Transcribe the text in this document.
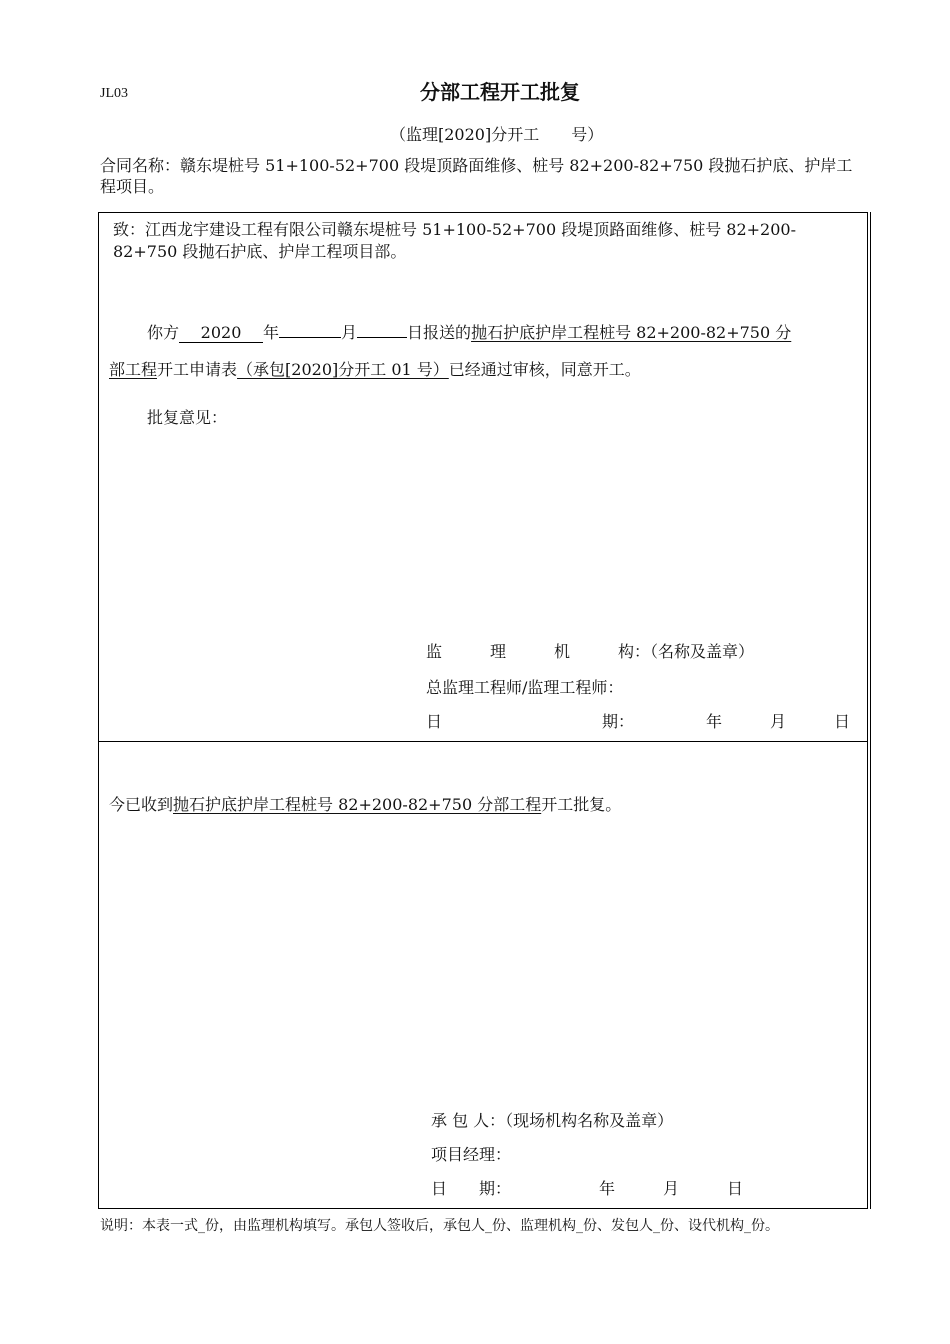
JL03	分部工程开工批复
（监理[2020]分开工　　号）
合同名称：赣东堤桩号 51+100-52+700 段堤顶路面维修、桩号 82+200-82+750 段抛石护底、护岸工程项目。
致：江西龙宇建设工程有限公司赣东堤桩号 51+100-52+700 段堤顶路面维修、桩号 82+200-82+750 段抛石护底、护岸工程项目部。
你方 2020 年	月	日报送的抛石护底护岸工程桩号 82+200-82+750 分
部工程开工申请表（承包[2020]分开工 01 号）已经通过审核，同意开工。
批复意见：
监　　　理　　　机　　　构：（名称及盖章）
总监理工程师/监理工程师：
日　　　　　　　　　　期：　　　　　年　　　月　　　日
今已收到抛石护底护岸工程桩号 82+200-82+750 分部工程开工批复。
承 包 人：（现场机构名称及盖章）
项目经理：
日　　期：　　　　　　年　　　月　　　日
说明：本表一式_份，由监理机构填写。承包人签收后，承包人_份、监理机构_份、发包人_份、设代机构_份。
